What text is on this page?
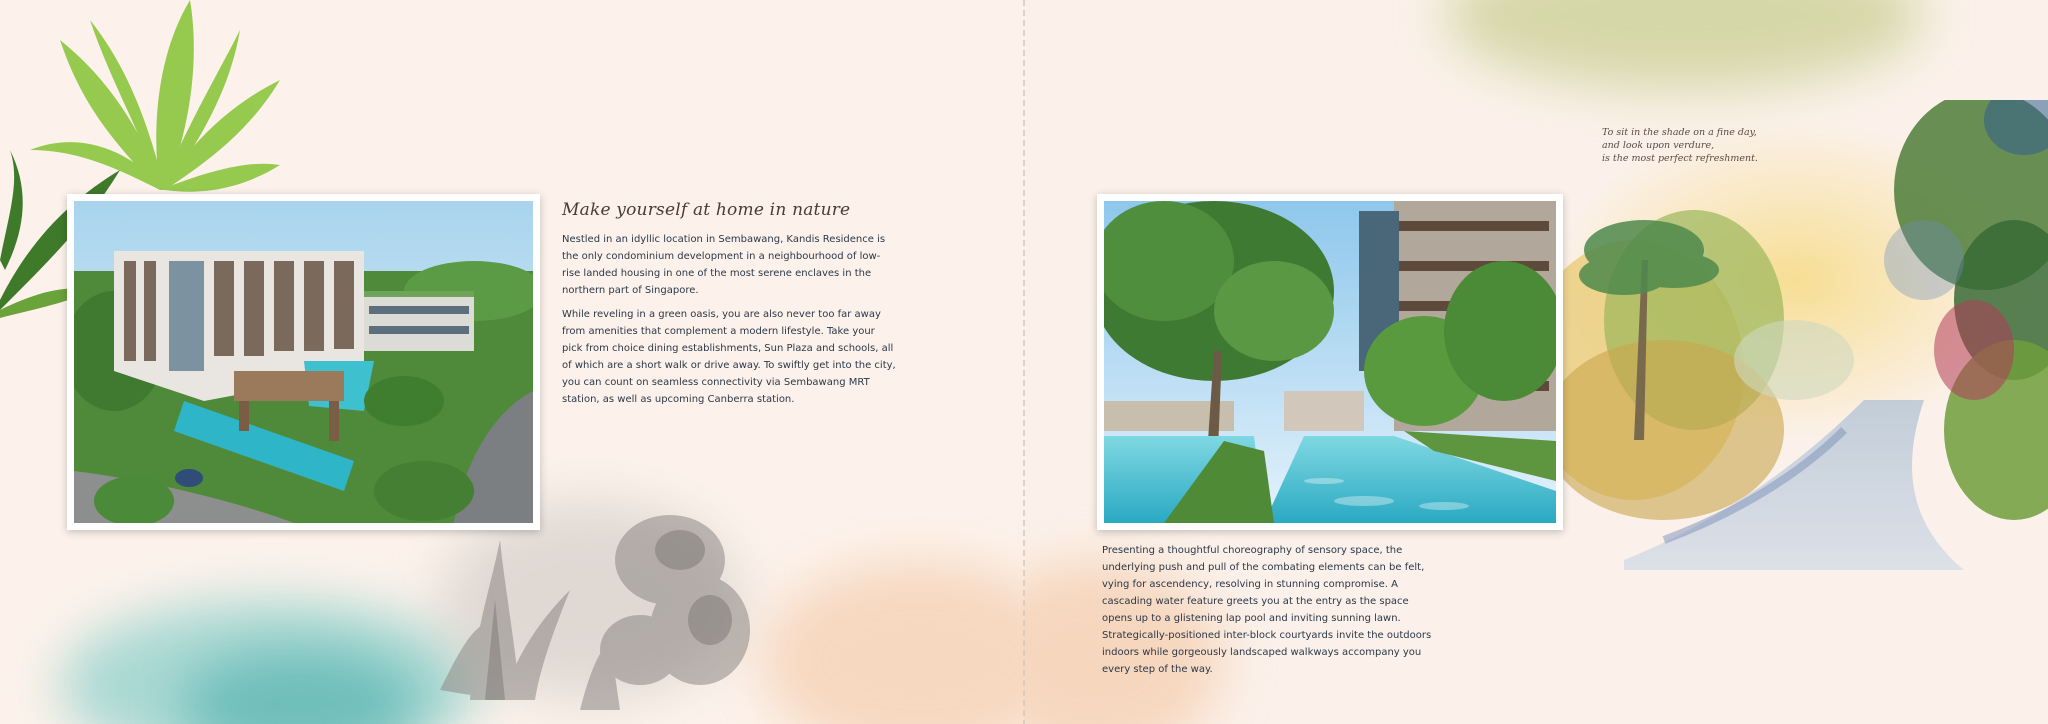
Make yourself at home in nature

Nestled in an idyllic location in Sembawang, Kandis Residence is the only condominium development in a neighbourhood of low-rise landed housing in one of the most serene enclaves in the northern part of Singapore.

While reveling in a green oasis, you are also never too far away from amenities that complement a modern lifestyle. Take your pick from choice dining establishments, Sun Plaza and schools, all of which are a short walk or drive away. To swiftly get into the city, you can count on seamless connectivity via Sembawang MRT station, as well as upcoming Canberra station.

To sit in the shade on a fine day,
and look upon verdure,
is the most perfect refreshment.

Presenting a thoughtful choreography of sensory space, the underlying push and pull of the combating elements can be felt, vying for ascendency, resolving in stunning compromise. A cascading water feature greets you at the entry as the space opens up to a glistening lap pool and inviting sunning lawn. Strategically-positioned inter-block courtyards invite the outdoors indoors while gorgeously landscaped walkways accompany you every step of the way.
